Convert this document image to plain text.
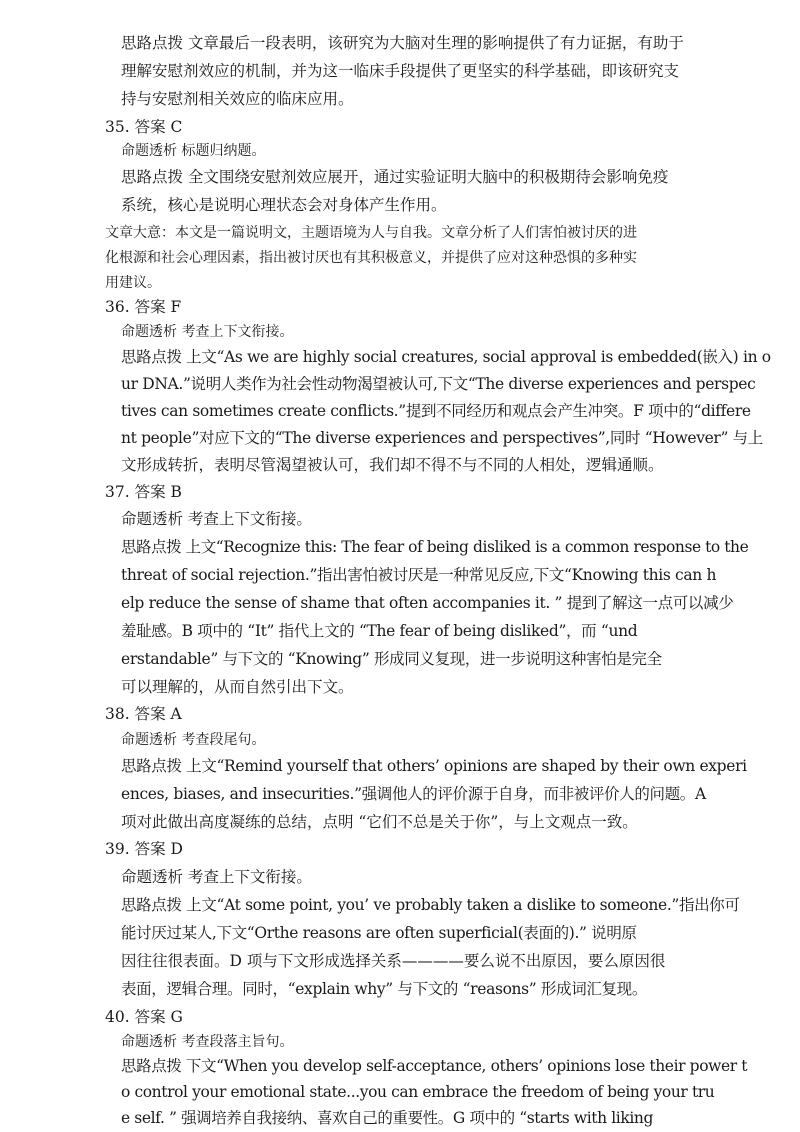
思路点拨 文章最后一段表明，该研究为大脑对生理的影响提供了有力证据，有助于
理解安慰剂效应的机制，并为这一临床手段提供了更坚实的科学基础，即该研究支
持与安慰剂相关效应的临床应用。
35. 答案 C
命题透析 标题归纳题。
思路点拨 全文围绕安慰剂效应展开，通过实验证明大脑中的积极期待会影响免疫
系统，核心是说明心理状态会对身体产生作用。
文章大意：本文是一篇说明文，主题语境为人与自我。文章分析了人们害怕被讨厌的进
化根源和社会心理因素，指出被讨厌也有其积极意义，并提供了应对这种恐惧的多种实
用建议。
36. 答案 F
命题透析 考查上下文衔接。
思路点拨 上文“As we are highly social creatures, social approval is embedded(嵌入) in o
ur DNA.”说明人类作为社会性动物渴望被认可,下文“The diverse experiences and perspec
tives can sometimes create conflicts.”提到不同经历和观点会产生冲突。F 项中的“differe
nt people”对应下文的“The diverse experiences and perspectives”,同时 “However” 与上
文形成转折，表明尽管渴望被认可，我们却不得不与不同的人相处，逻辑通顺。
37. 答案 B
命题透析 考查上下文衔接。
思路点拨 上文“Recognize this: The fear of being disliked is a common response to the
threat of social rejection.”指出害怕被讨厌是一种常见反应,下文“Knowing this can h
elp reduce the sense of shame that often accompanies it. ” 提到了解这一点可以减少
羞耻感。B 项中的 “It” 指代上文的 “The fear of being disliked”，而 “und
erstandable” 与下文的 “Knowing” 形成同义复现，进一步说明这种害怕是完全
可以理解的，从而自然引出下文。
38. 答案 A
命题透析 考查段尾句。
思路点拨 上文“Remind yourself that others’ opinions are shaped by their own experi
ences, biases, and insecurities.”强调他人的评价源于自身，而非被评价人的问题。A
项对此做出高度凝练的总结，点明 “它们不总是关于你”，与上文观点一致。
39. 答案 D
命题透析 考查上下文衔接。
思路点拨 上文“At some point, you’ ve probably taken a dislike to someone.”指出你可
能讨厌过某人,下文“Orthe reasons are often superficial(表面的).” 说明原
因往往很表面。D 项与下文形成选择关系————要么说不出原因，要么原因很
表面，逻辑合理。同时，“explain why” 与下文的 “reasons” 形成词汇复现。
40. 答案 G
命题透析 考查段落主旨句。
思路点拨 下文“When you develop self-acceptance, others’ opinions lose their power t
o control your emotional state...you can embrace the freedom of being your tru
e self. ” 强调培养自我接纳、喜欢自己的重要性。G 项中的 “starts with liking
